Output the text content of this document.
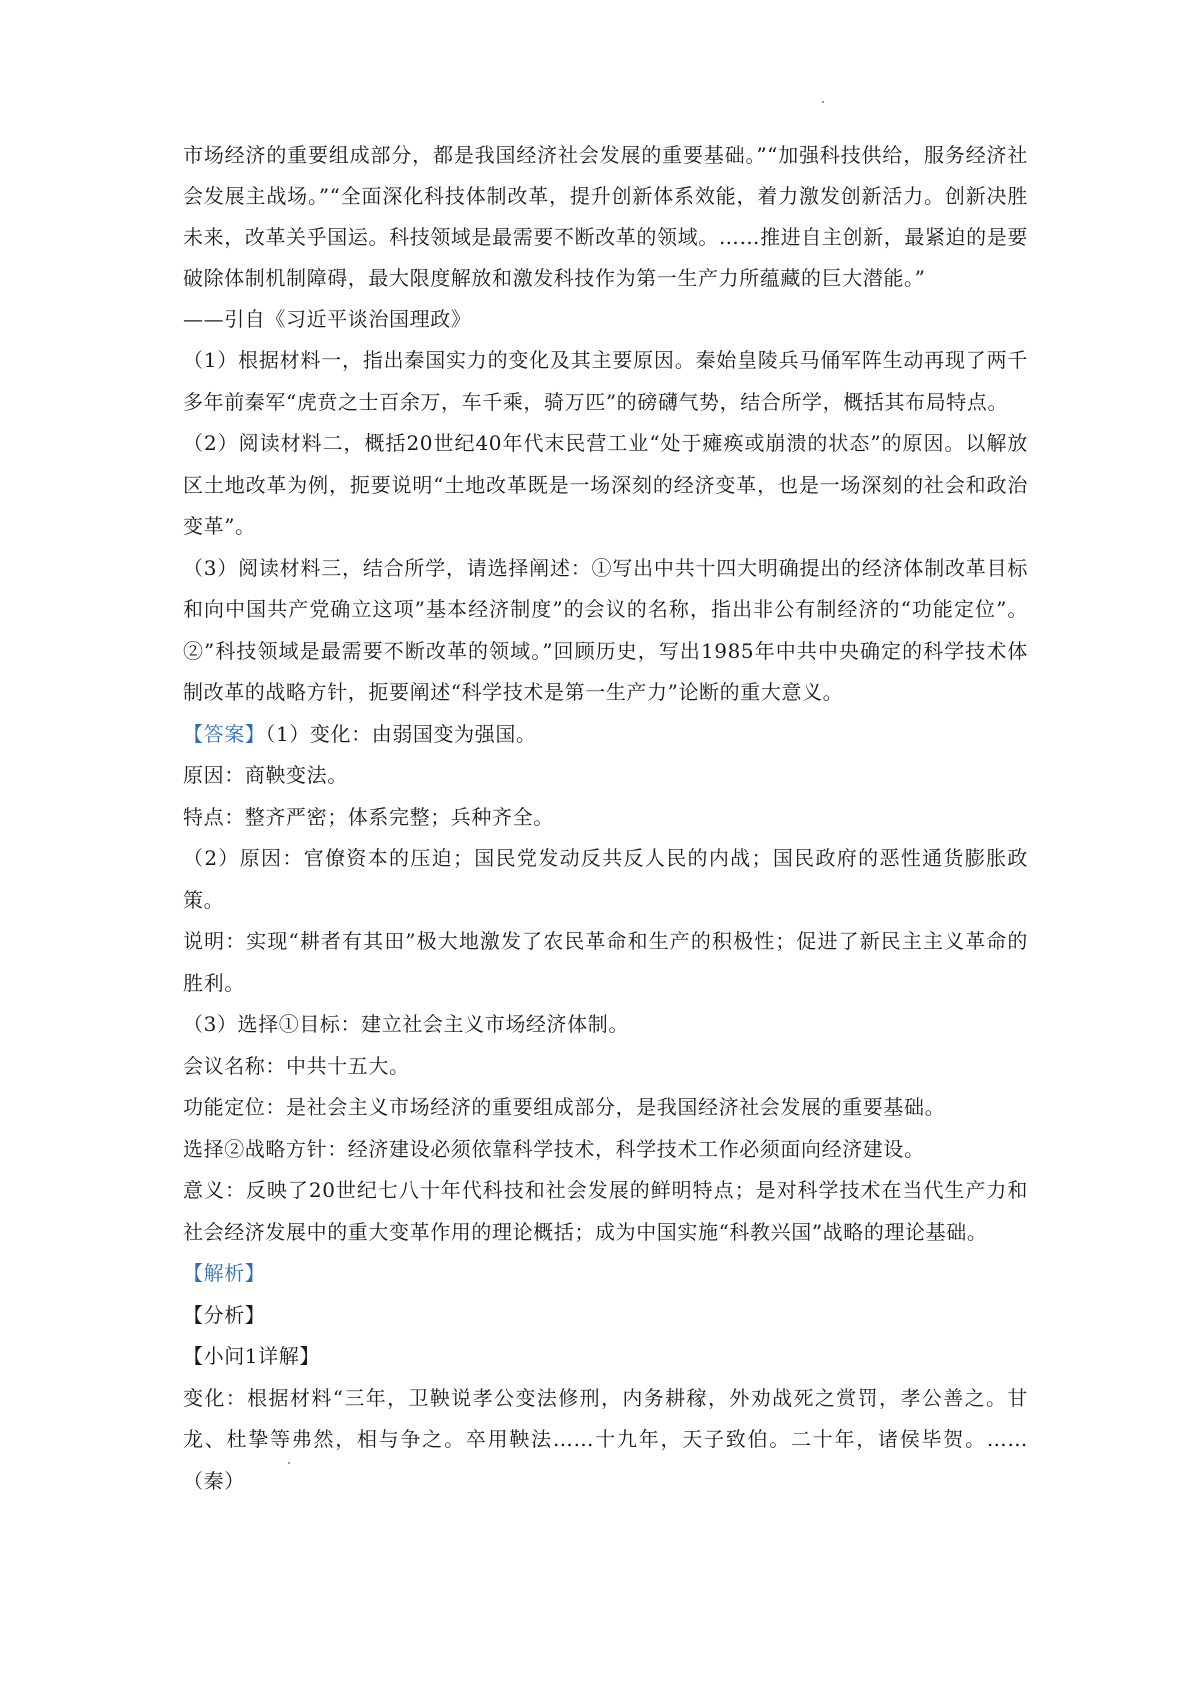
市场经济的重要组成部分，都是我国经济社会发展的重要基础。”“加强科技供给，服务经济社会发展主战场。”“全面深化科技体制改革，提升创新体系效能，着力激发创新活力。创新决胜未来，改革关乎国运。科技领域是最需要不断改革的领域。……推进自主创新，最紧迫的是要破除体制机制障碍，最大限度解放和激发科技作为第一生产力所蕴藏的巨大潜能。”

——引自《习近平谈治国理政》

（1）根据材料一，指出秦国实力的变化及其主要原因。秦始皇陵兵马俑军阵生动再现了两千多年前秦军“虎贲之士百余万，车千乘，骑万匹”的磅礴气势，结合所学，概括其布局特点。

（2）阅读材料二，概括20世纪40年代末民营工业“处于瘫痪或崩溃的状态”的原因。以解放区土地改革为例，扼要说明“土地改革既是一场深刻的经济变革，也是一场深刻的社会和政治变革”。

（3）阅读材料三，结合所学，请选择阐述：①写出中共十四大明确提出的经济体制改革目标和向中国共产党确立这项”基本经济制度”的会议的名称，指出非公有制经济的“功能定位”。②”科技领域是最需要不断改革的领域。”回顾历史，写出1985年中共中央确定的科学技术体制改革的战略方针，扼要阐述“科学技术是第一生产力”论断的重大意义。

【答案】（1）变化：由弱国变为强国。

原因：商鞅变法。

特点：整齐严密；体系完整；兵种齐全。

（2）原因：官僚资本的压迫；国民党发动反共反人民的内战；国民政府的恶性通货膨胀政策。

说明：实现“耕者有其田”极大地激发了农民革命和生产的积极性；促进了新民主主义革命的胜利。

（3）选择①目标：建立社会主义市场经济体制。

会议名称：中共十五大。

功能定位：是社会主义市场经济的重要组成部分，是我国经济社会发展的重要基础。

选择②战略方针：经济建设必须依靠科学技术，科学技术工作必须面向经济建设。

意义：反映了20世纪七八十年代科技和社会发展的鲜明特点；是对科学技术在当代生产力和社会经济发展中的重大变革作用的理论概括；成为中国实施“科教兴国”战略的理论基础。

【解析】

【分析】

【小问1详解】

变化：根据材料“三年，卫鞅说孝公变法修刑，内务耕稼，外劝战死之赏罚，孝公善之。甘龙、杜挚等弗然，相与争之。卒用鞅法……十九年，天子致伯。二十年，诸侯毕贺。……（秦）
